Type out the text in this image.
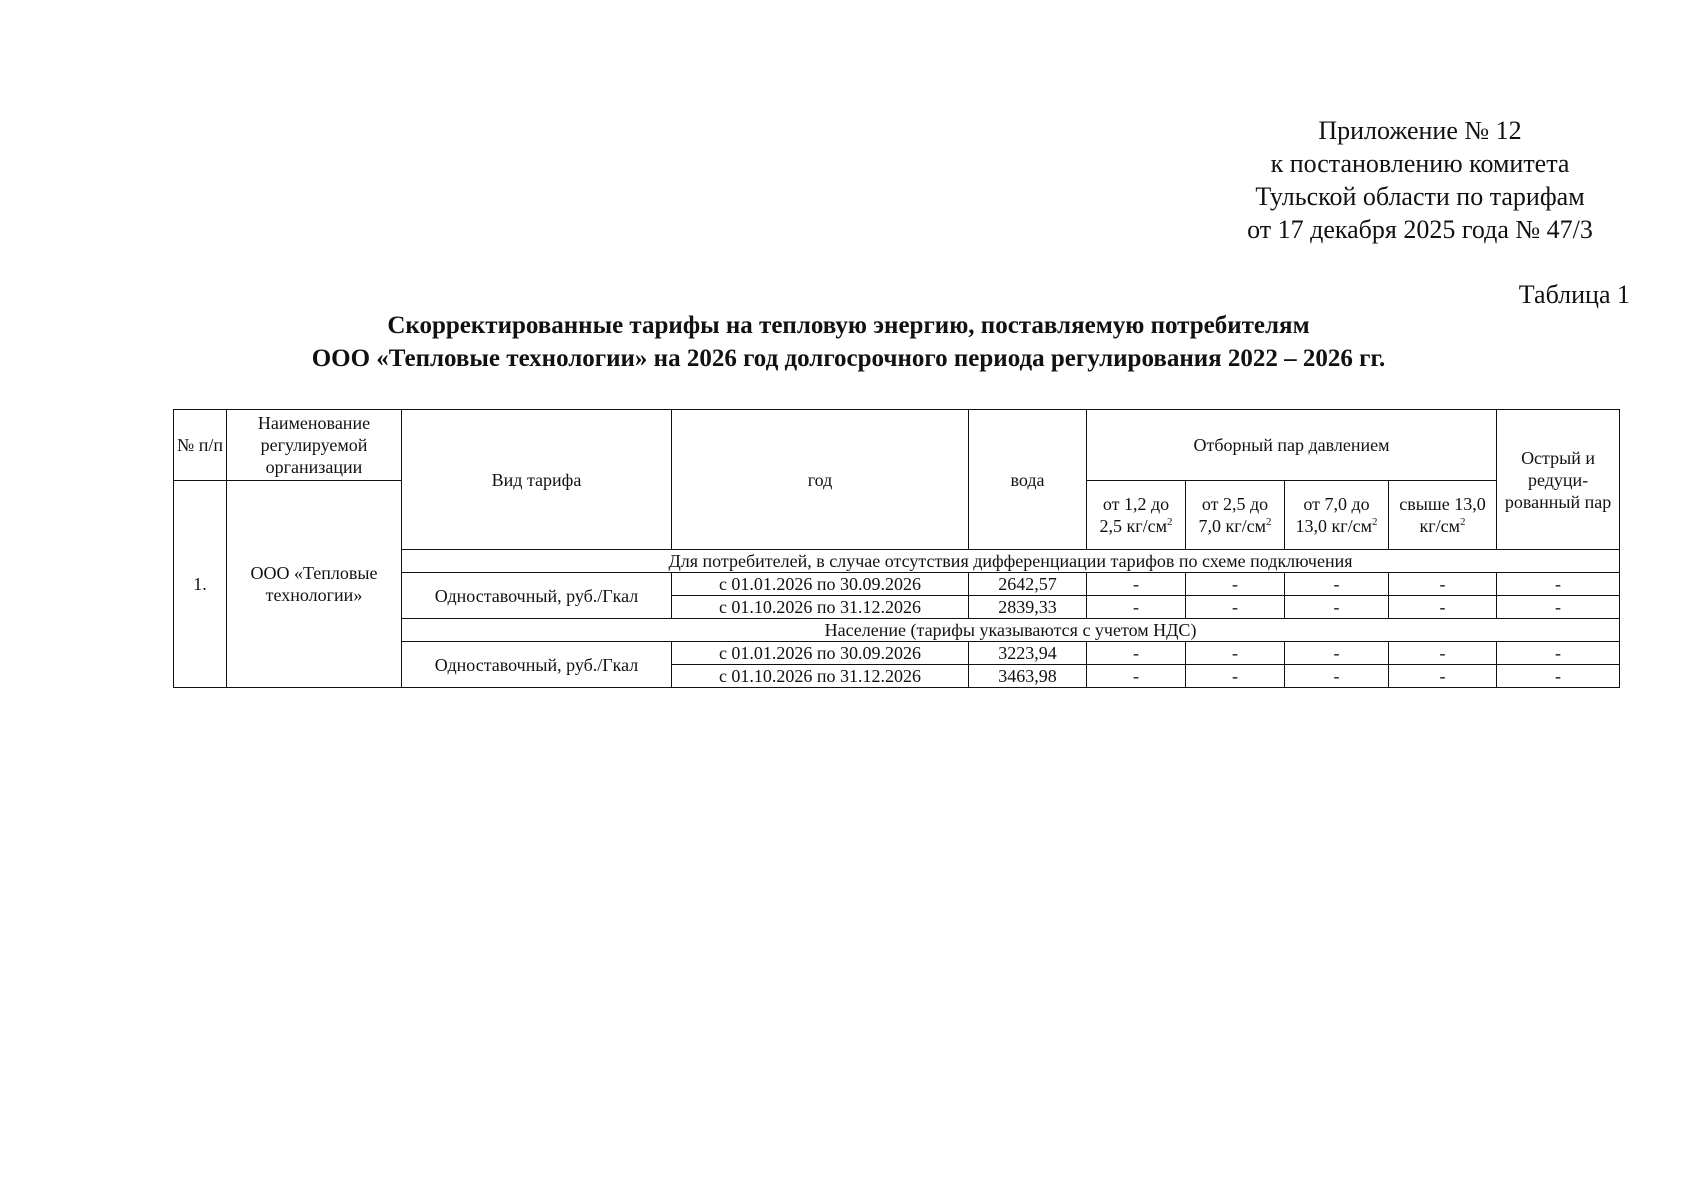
Приложение № 12
к постановлению комитета
Тульской области по тарифам
от 17 декабря 2025 года № 47/3
Таблица 1
Скорректированные тарифы на тепловую энергию, поставляемую потребителям
ООО «Тепловые технологии» на 2026 год долгосрочного периода регулирования 2022 – 2026 гг.
№ п/п	Наименование регулируемой организации	Вид тарифа	год	вода	Отборный пар давлением				Острый и редуци-рованный пар
1.	ООО «Тепловые технологии»				от 1,2 до 2,5 $кг/см^2$	от 2,5 до 7,0 $кг/см^2$	от 7,0 до 13,0 $кг/см^2$	свыше 13,0 $кг/см^2$
		Для потребителей, в случае отсутствия дифференциации тарифов по схеме подключения							
		Одноставочный, руб./Гкал	с 01.01.2026 по 30.09.2026	2642,57	-	-	-	-	-
			с 01.10.2026 по 31.12.2026	2839,33	-	-	-	-	-
		Население (тарифы указываются с учетом НДС)							
		Одноставочный, руб./Гкал	с 01.01.2026 по 30.09.2026	3223,94	-	-	-	-	-
			с 01.10.2026 по 31.12.2026	3463,98	-	-	-	-	-
